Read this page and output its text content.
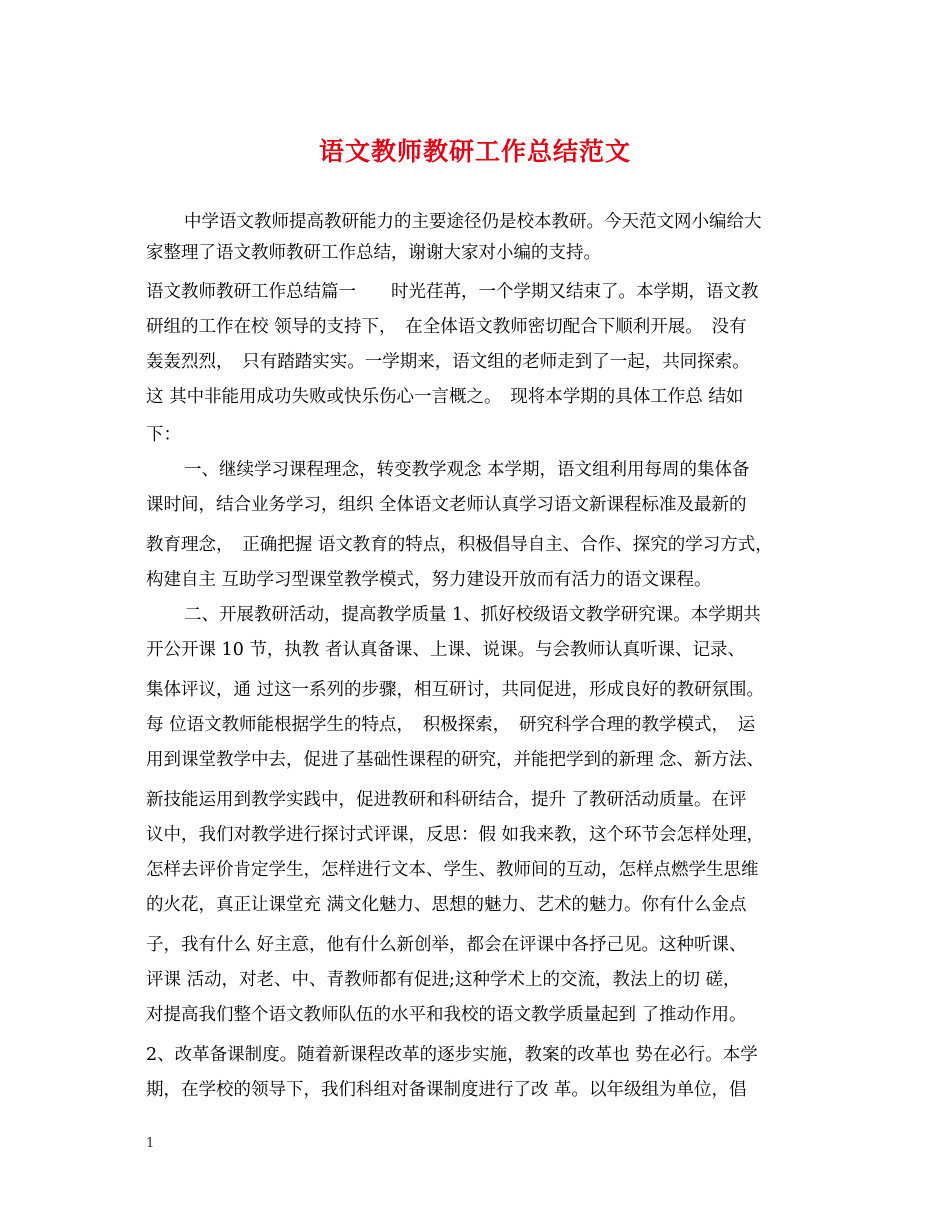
语文教师教研工作总结范文
中学语文教师提高教研能力的主要途径仍是校本教研。今天范文网小编给大
家整理了语文教师教研工作总结，谢谢大家对小编的支持。
语文教师教研工作总结篇一　　时光荏苒，一个学期又结束了。本学期，语文教
研组的工作在校 领导的支持下，　在全体语文教师密切配合下顺利开展。　没有
轰轰烈烈，　只有踏踏实实。一学期来，语文组的老师走到了一起，共同探索。
这 其中非能用成功失败或快乐伤心一言概之。　现将本学期的具体工作总 结如
下：
一、继续学习课程理念，转变教学观念 本学期，语文组利用每周的集体备
课时间，结合业务学习，组织 全体语文老师认真学习语文新课程标准及最新的
教育理念，　正确把握 语文教育的特点，积极倡导自主、合作、探究的学习方式，
构建自主 互助学习型课堂教学模式，努力建设开放而有活力的语文课程。
二、开展教研活动，提高教学质量 1、抓好校级语文教学研究课。本学期共
开公开课 10 节，执教 者认真备课、上课、说课。与会教师认真听课、记录、
集体评议，通 过这一系列的步骤，相互研讨，共同促进，形成良好的教研氛围。
每 位语文教师能根据学生的特点，　积极探索，　研究科学合理的教学模式，　运
用到课堂教学中去，促进了基础性课程的研究，并能把学到的新理 念、新方法、
新技能运用到教学实践中，促进教研和科研结合，提升 了教研活动质量。在评
议中，我们对教学进行探讨式评课，反思：假 如我来教，这个环节会怎样处理，
怎样去评价肯定学生，怎样进行文本、学生、教师间的互动，怎样点燃学生思维
的火花，真正让课堂充 满文化魅力、思想的魅力、艺术的魅力。你有什么金点
子，我有什么 好主意，他有什么新创举，都会在评课中各抒己见。这种听课、
评课 活动，对老、中、青教师都有促进;这种学术上的交流，教法上的切 磋，
对提高我们整个语文教师队伍的水平和我校的语文教学质量起到 了推动作用。
2、改革备课制度。随着新课程改革的逐步实施，教案的改革也 势在必行。本学
期，在学校的领导下，我们科组对备课制度进行了改 革。以年级组为单位，倡
1
